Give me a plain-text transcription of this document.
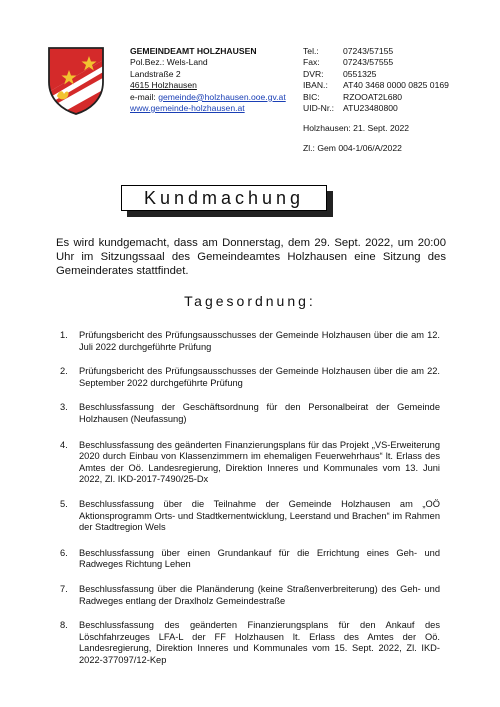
GEMEINDEAMT HOLZHAUSEN
Pol.Bez.: Wels-Land
Landstraße 2
4615 Holzhausen
e-mail: gemeinde@holzhausen.ooe.gv.at
www.gemeinde-holzhausen.at
Tel.:	07243/57155
Fax:	07243/57555
DVR:	0551325
IBAN.:	AT40 3468 0000 0825 0169
BIC:	RZOOAT2L680
UID-Nr.:	ATU23480800
Holzhausen: 21. Sept. 2022
Zl.: Gem 004-1/06/A/2022
Kundmachung
Es wird kundgemacht, dass am Donnerstag, dem 29. Sept. 2022, um 20:00 Uhr im Sitzungssaal des Gemeindeamtes Holzhausen eine Sitzung des Gemeinderates stattfindet.
Tagesordnung:
1.	Prüfungsbericht des Prüfungsausschusses der Gemeinde Holzhausen über die am 12. Juli 2022 durchgeführte Prüfung
2.	Prüfungsbericht des Prüfungsausschusses der Gemeinde Holzhausen über die am 22. September 2022 durchgeführte Prüfung
3.	Beschlussfassung der Geschäftsordnung für den Personalbeirat der Gemeinde Holzhausen (Neufassung)
4.	Beschlussfassung des geänderten Finanzierungsplans für das Projekt „VS-Erweiterung 2020 durch Einbau von Klassenzimmern im ehemaligen Feuerwehrhaus“ lt. Erlass des Amtes der Oö. Landesregierung, Direktion Inneres und Kommunales vom 13. Juni 2022, Zl. IKD-2017-7490/25-Dx
5.	Beschlussfassung über die Teilnahme der Gemeinde Holzhausen am „OÖ Aktionsprogramm Orts- und Stadtkernentwicklung, Leerstand und Brachen“ im Rahmen der Stadtregion Wels
6.	Beschlussfassung über einen Grundankauf für die Errichtung eines Geh- und Radweges Richtung Lehen
7.	Beschlussfassung über die Planänderung (keine Straßenverbreiterung) des Geh- und Radweges entlang der Draxlholz Gemeindestraße
8.	Beschlussfassung des geänderten Finanzierungsplans für den Ankauf des Löschfahrzeuges LFA-L der FF Holzhausen lt. Erlass des Amtes der Oö. Landesregierung, Direktion Inneres und Kommunales vom 15. Sept. 2022, Zl. IKD-2022-377097/12-Kep
